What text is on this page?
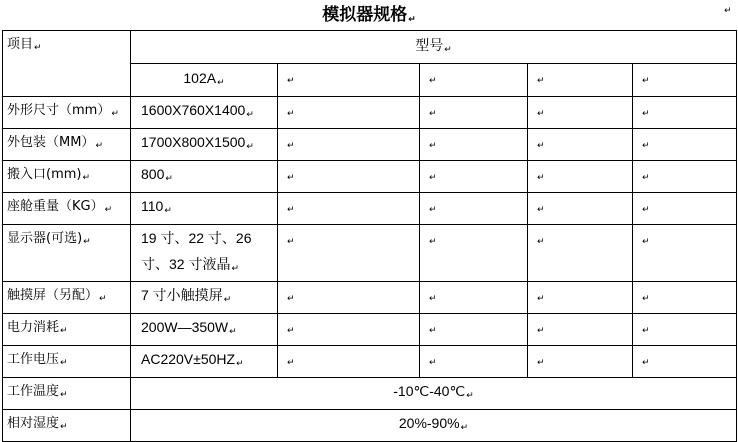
模拟器规格↵
↵
项目↵	型号↵				
	102A↵	↵	↵	↵	↵
外形尺寸（mm）↵	1600X760X1400↵	↵	↵	↵	↵
外包装（MM）↵	1700X800X1500↵	↵	↵	↵	↵
搬入口(mm)↵	800↵	↵	↵	↵	↵
座舱重量（KG）↵	110↵	↵	↵	↵	↵
显示器(可选)↵	19 寸、22 寸、26
寸、32 寸液晶↵	↵	↵	↵	↵
触摸屏（另配）↵	7 寸小触摸屏↵	↵	↵	↵	↵
电力消耗↵	200W—350W↵	↵	↵	↵	↵
工作电压↵	AC220V±50HZ↵	↵	↵	↵	↵
工作温度↵	-10℃-40℃↵				
相对湿度↵	20%-90%↵				
